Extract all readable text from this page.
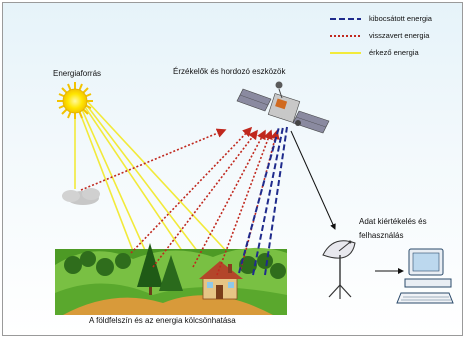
kibocsátott energia
visszavert energia
érkező energia
Energiaforrás	Érzékelők és hordozó eszközök
Adat kiértékelés és
felhasználás
A földfelszín és az energia kölcsönhatása
